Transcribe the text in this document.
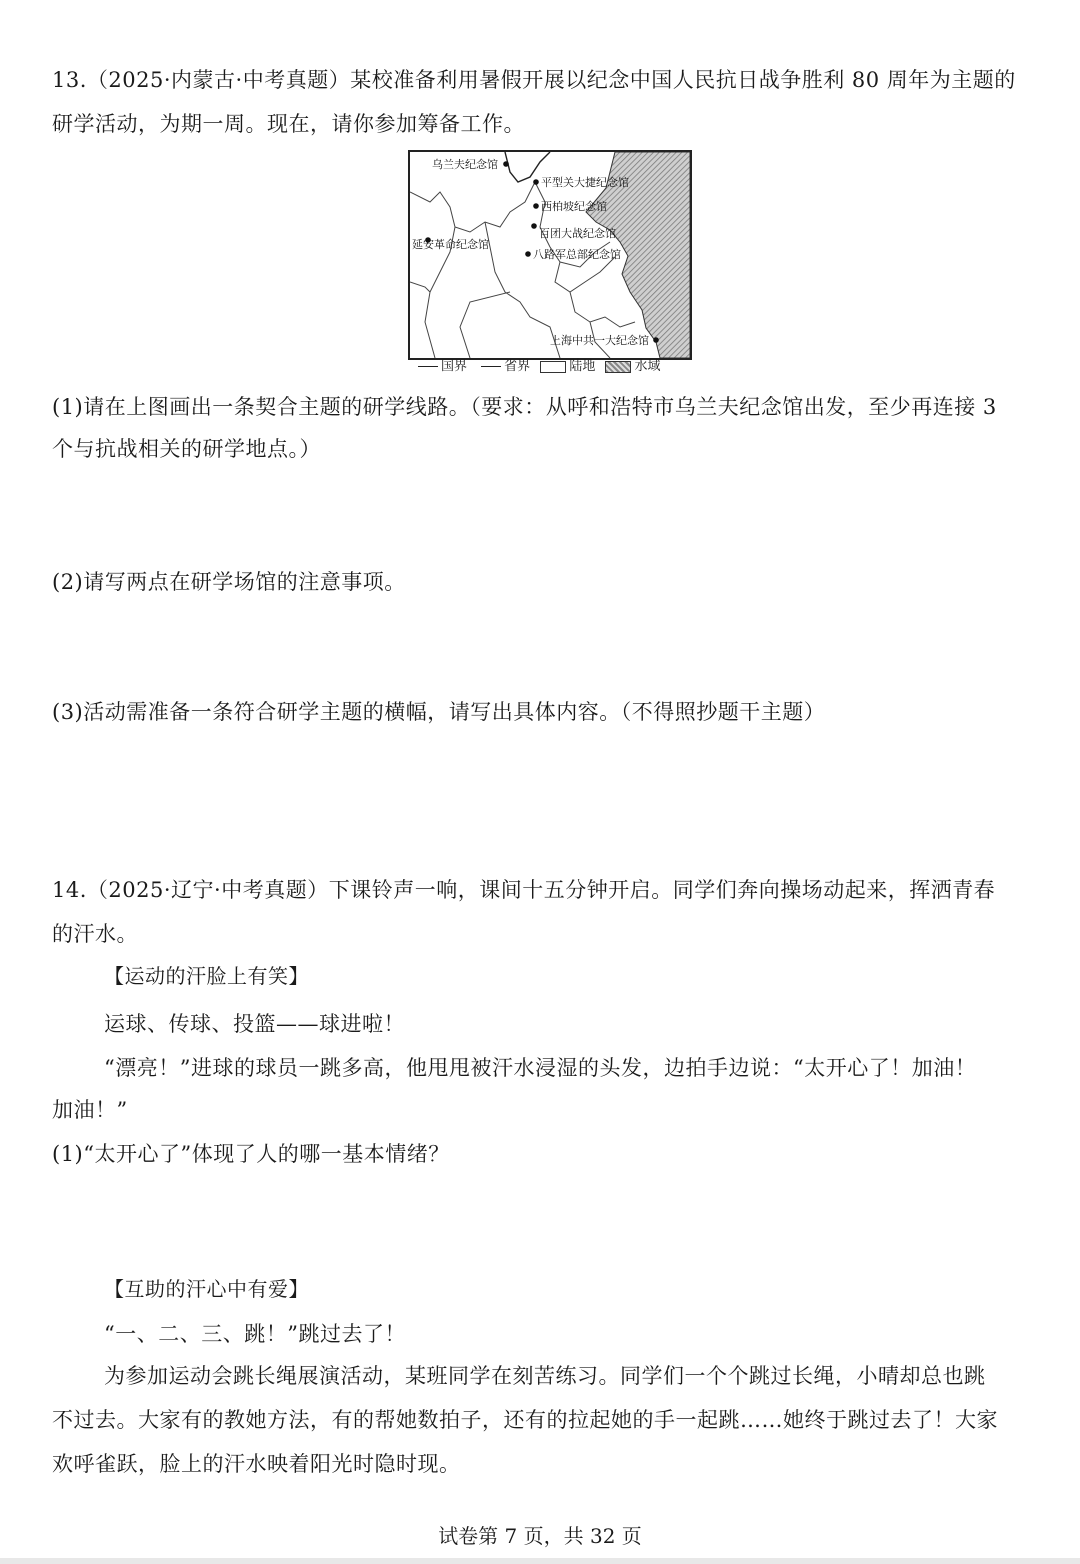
13.（2025·内蒙古·中考真题）某校准备利用暑假开展以纪念中国人民抗日战争胜利 80 周年为主题的
研学活动，为期一周。现在，请你参加筹备工作。
乌兰夫纪念馆
平型关大捷纪念馆
西柏坡纪念馆
百团大战纪念馆
八路军总部纪念馆
延安革命纪念馆
上海中共一大纪念馆
国界	省界	陆地	水域
(1)请在上图画出一条契合主题的研学线路。（要求：从呼和浩特市乌兰夫纪念馆出发，至少再连接 3
个与抗战相关的研学地点。）
(2)请写两点在研学场馆的注意事项。
(3)活动需准备一条符合研学主题的横幅，请写出具体内容。（不得照抄题干主题）
14.（2025·辽宁·中考真题）下课铃声一响，课间十五分钟开启。同学们奔向操场动起来，挥洒青春
的汗水。
【运动的汗脸上有笑】
运球、传球、投篮——球进啦！
“漂亮！”进球的球员一跳多高，他甩甩被汗水浸湿的头发，边拍手边说：“太开心了！加油！
加油！”
(1)“太开心了”体现了人的哪一基本情绪？
【互助的汗心中有爱】
“一、二、三、跳！”跳过去了！
为参加运动会跳长绳展演活动，某班同学在刻苦练习。同学们一个个跳过长绳，小晴却总也跳
不过去。大家有的教她方法，有的帮她数拍子，还有的拉起她的手一起跳……她终于跳过去了！大家
欢呼雀跃，脸上的汗水映着阳光时隐时现。
试卷第 7 页，共 32 页
